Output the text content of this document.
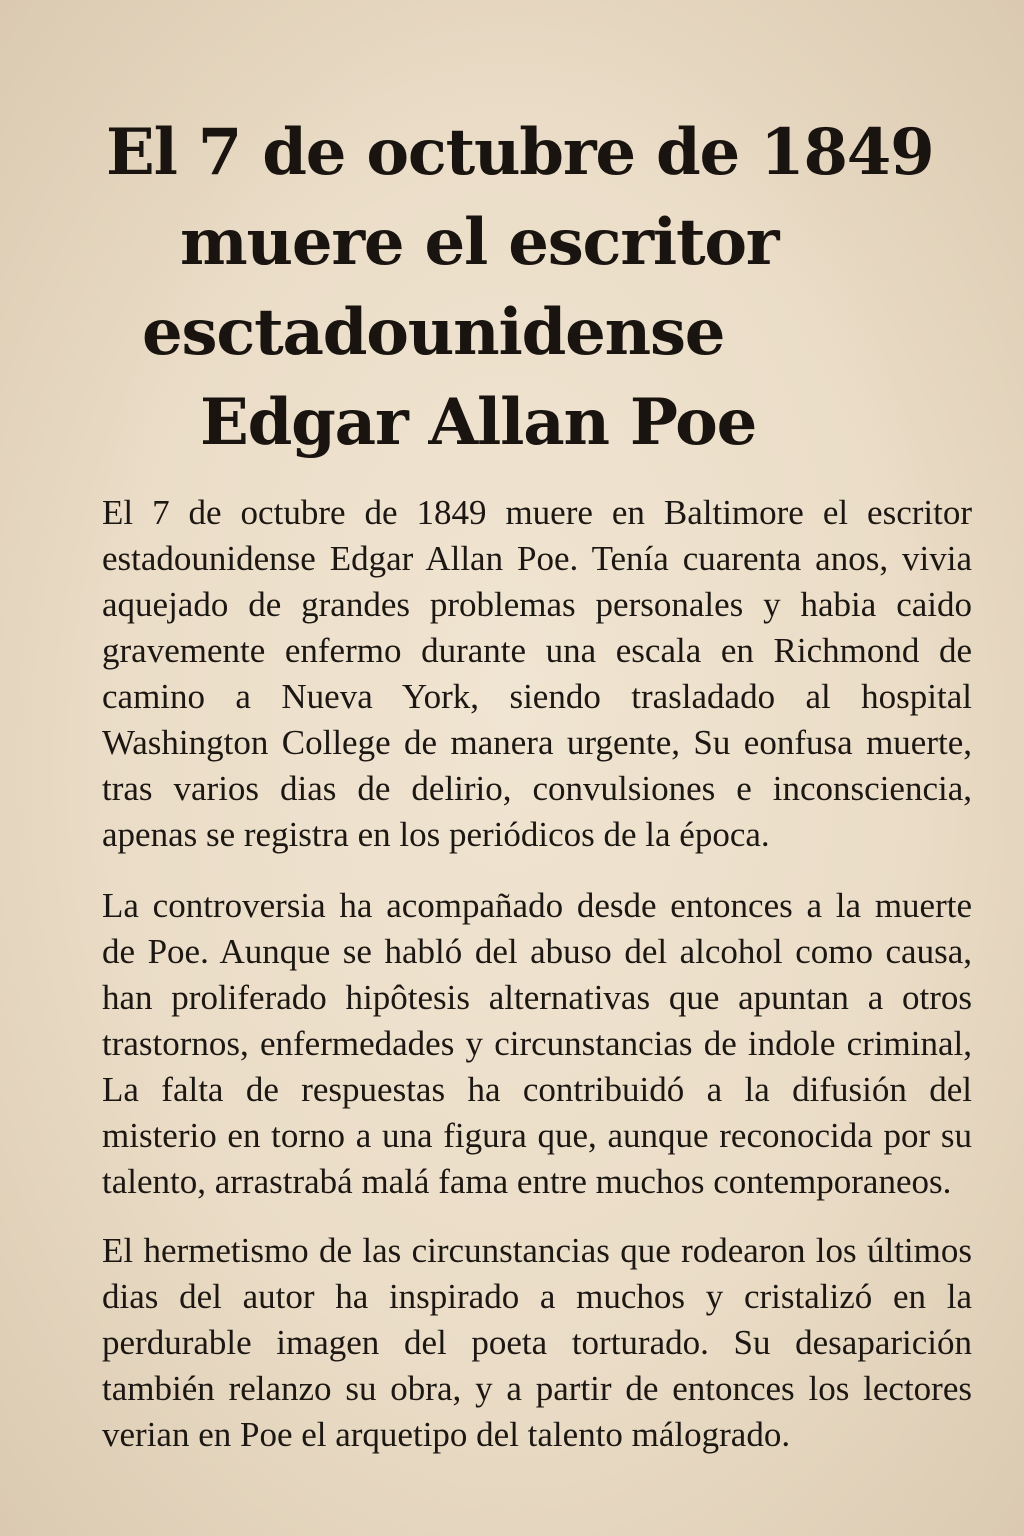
El 7 de octubre de 1849
muere el escritor
esctadounidense
Edgar Allan Poe

El 7 de octubre de 1849 muere en Baltimore el escritor estadounidense Edgar Allan Poe. Tenía cuarenta anos, vivia aquejado de grandes problemas personales y habia caido gravemente enfermo durante una escala en Richmond de camino a Nueva York, siendo trasladado al hospital Washington College de manera urgente, Su eonfusa muerte, tras varios dias de delirio, convulsiones e inconsciencia, apenas se registra en los periódicos de la época.

La controversia ha acompañado desde entonces a la muerte de Poe. Aunque se habló del abuso del alcohol como causa, han proliferado hipôtesis alternativas que apuntan a otros trastornos, enfermedades y circunstancias de indole criminal, La falta de respuestas ha contribuidó a la difusión del misterio en torno a una figura que, aunque reconocida por su talento, arrastrabá malá fama entre muchos contemporaneos.

El hermetismo de las circunstancias que rodearon los últimos dias del autor ha inspirado a muchos y cristalizó en la perdurable imagen del poeta torturado. Su desaparición también relanzo su obra, y a partir de entonces los lectores verian en Poe el arquetipo del talento málogrado.
